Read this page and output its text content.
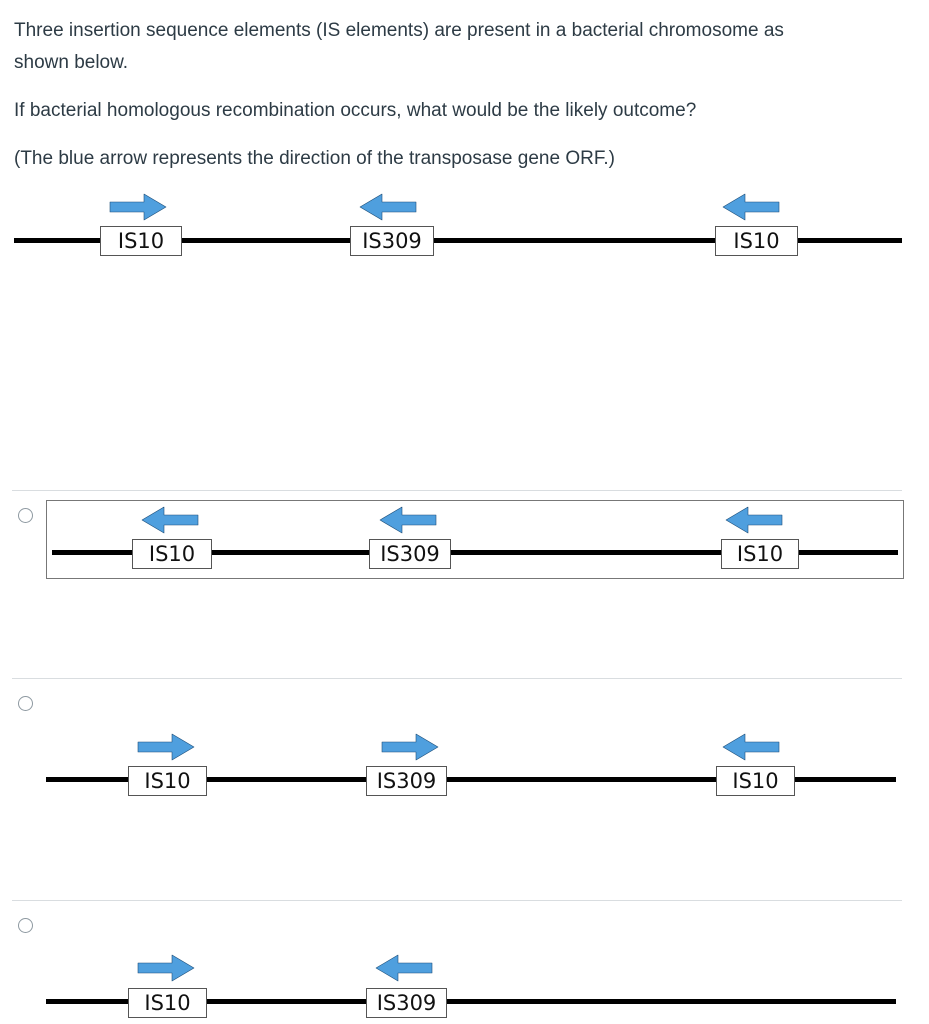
Three insertion sequence elements (IS elements) are present in a bacterial chromosome as

shown below.

If bacterial homologous recombination occurs, what would be the likely outcome?

(The blue arrow represents the direction of the transposase gene ORF.)

IS10	IS309	IS10
IS10	IS309	IS10
IS10	IS309	IS10
IS10	IS309
